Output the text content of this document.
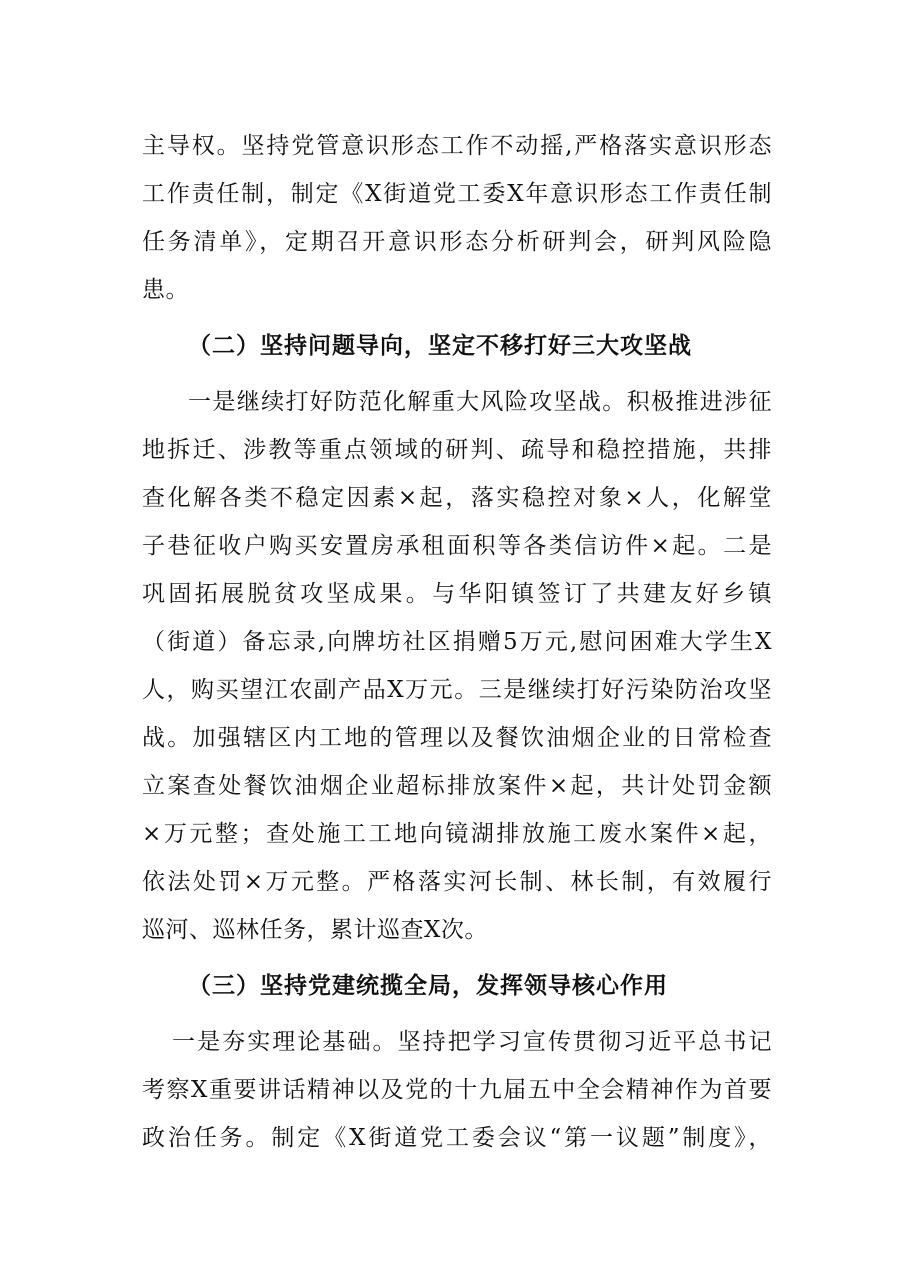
主导权。坚持党管意识形态工作不动摇,严格落实意识形态
工作责任制，制定《X街道党工委X年意识形态工作责任制
任务清单》，定期召开意识形态分析研判会，研判风险隐
患。
（二）坚持问题导向，坚定不移打好三大攻坚战
一是继续打好防范化解重大风险攻坚战。积极推进涉征
地拆迁、涉教等重点领域的研判、疏导和稳控措施，共排
查化解各类不稳定因素×起，落实稳控对象×人，化解堂
子巷征收户购买安置房承租面积等各类信访件×起。二是
巩固拓展脱贫攻坚成果。与华阳镇签订了共建友好乡镇
（街道）备忘录,向牌坊社区捐赠5万元,慰问困难大学生X
人，购买望江农副产品X万元。三是继续打好污染防治攻坚
战。加强辖区内工地的管理以及餐饮油烟企业的日常检查
立案查处餐饮油烟企业超标排放案件×起，共计处罚金额
×万元整；查处施工工地向镜湖排放施工废水案件×起，
依法处罚×万元整。严格落实河长制、林长制，有效履行
巡河、巡林任务，累计巡查X次。
（三）坚持党建统揽全局，发挥领导核心作用
一是夯实理论基础。坚持把学习宣传贯彻习近平总书记
考察X重要讲话精神以及党的十九届五中全会精神作为首要
政治任务。制定《X街道党工委会议“第一议题”制度》，
